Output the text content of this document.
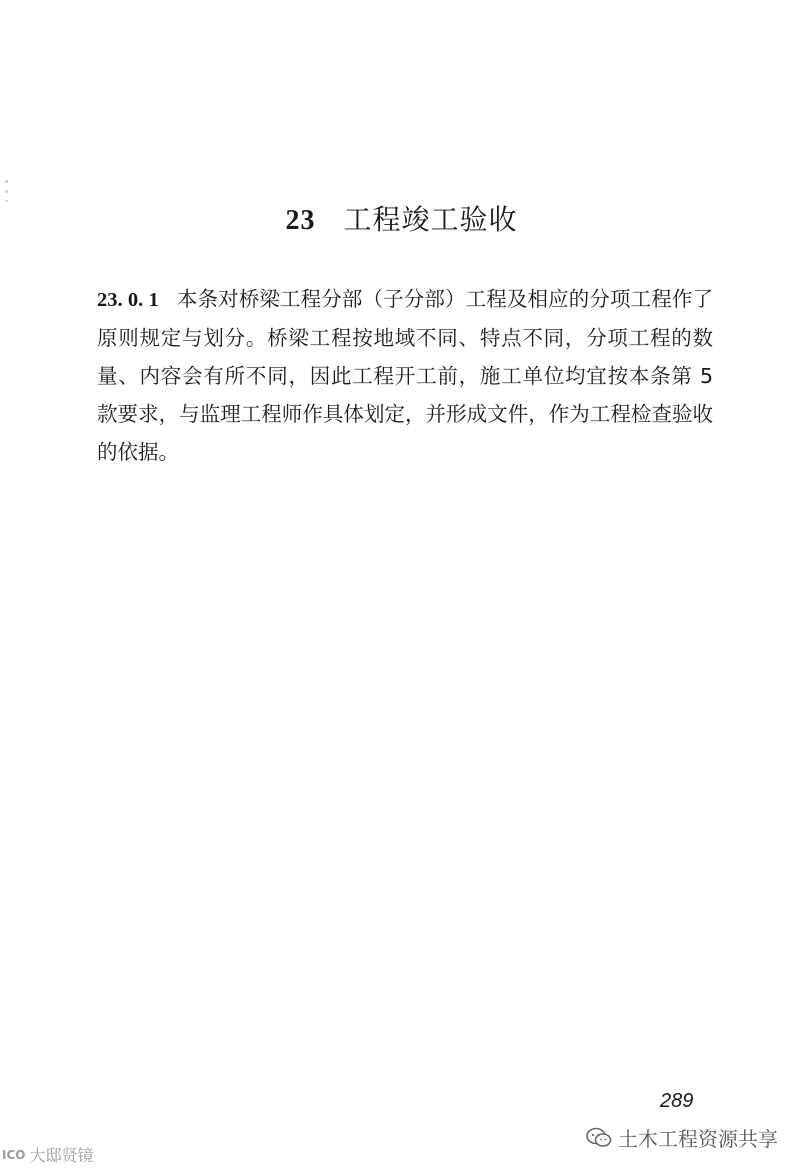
23 工程竣工验收
23. 0. 1 本条对桥梁工程分部（子分部）工程及相应的分项工程作了原则规定与划分。桥梁工程按地域不同、特点不同，分项工程的数量、内容会有所不同，因此工程开工前，施工单位均宜按本条第 5 款要求，与监理工程师作具体划定，并形成文件，作为工程检查验收的依据。
289
土木工程资源共享
ICO 大邸贤镜
